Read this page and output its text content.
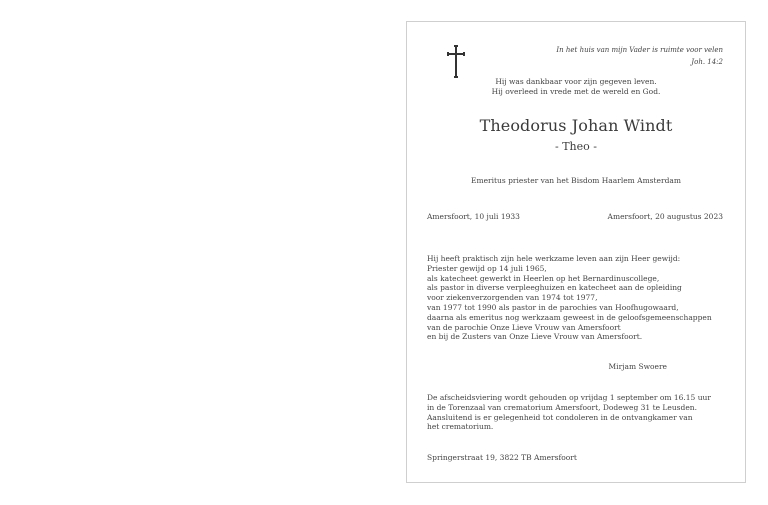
In het huis van mijn Vader is ruimte voor velen
Joh. 14:2
Hij was dankbaar voor zijn gegeven leven.
Hij overleed in vrede met de wereld en God.
Theodorus Johan Windt
- Theo -
Emeritus priester van het Bisdom Haarlem Amsterdam
Amersfoort, 10 juli 1933	Amersfoort, 20 augustus 2023
Hij heeft praktisch zijn hele werkzame leven aan zijn Heer gewijd:
Priester gewijd op 14 juli 1965,
als katecheet gewerkt in Heerlen op het Bernardinuscollege,
als pastor in diverse verpleeghuizen en katecheet aan de opleiding
voor ziekenverzorgenden van 1974 tot 1977,
van 1977 tot 1990 als pastor in de parochies van Hoofhugowaard,
daarna als emeritus nog werkzaam geweest in de geloofsgemeenschappen
van de parochie Onze Lieve Vrouw van Amersfoort
en bij de Zusters van Onze Lieve Vrouw van Amersfoort.
Mirjam Swoere
De afscheidsviering wordt gehouden op vrijdag 1 september om 16.15 uur
in de Torenzaal van crematorium Amersfoort, Dodeweg 31 te Leusden.
Aansluitend is er gelegenheid tot condoleren in de ontvangkamer van
het crematorium.
Springerstraat 19, 3822 TB Amersfoort
